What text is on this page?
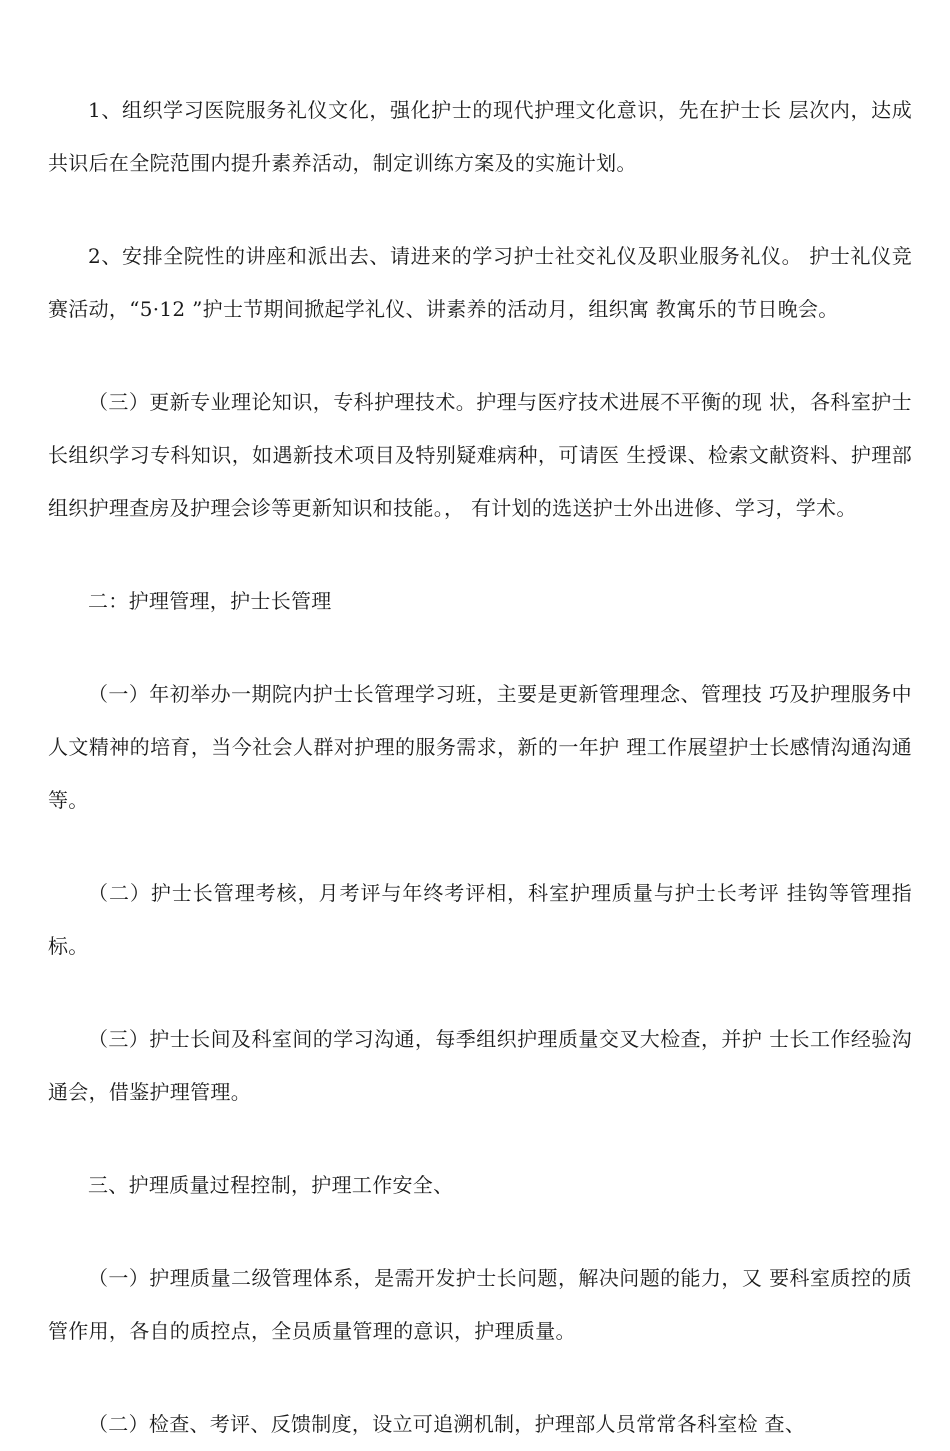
1、组织学习医院服务礼仪文化，强化护士的现代护理文化意识，先在护士长 层次内，达成共识后在全院范围内提升素养活动，制定训练方案及的实施计划。

2、安排全院性的讲座和派出去、请进来的学习护士社交礼仪及职业服务礼仪。 护士礼仪竞赛活动，“5·12 ”护士节期间掀起学礼仪、讲素养的活动月，组织寓 教寓乐的节日晚会。

（三）更新专业理论知识，专科护理技术。护理与医疗技术进展不平衡的现 状，各科室护士长组织学习专科知识，如遇新技术项目及特别疑难病种，可请医 生授课、检索文献资料、护理部组织护理查房及护理会诊等更新知识和技能。， 有计划的选送护士外出进修、学习，学术。

二：护理管理，护士长管理

（一）年初举办一期院内护士长管理学习班，主要是更新管理理念、管理技 巧及护理服务中人文精神的培育，当今社会人群对护理的服务需求，新的一年护 理工作展望护士长感情沟通沟通等。

（二）护士长管理考核，月考评与年终考评相，科室护理质量与护士长考评 挂钩等管理指标。

（三）护士长间及科室间的学习沟通，每季组织护理质量交叉大检查，并护 士长工作经验沟通会，借鉴护理管理。

三、护理质量过程控制，护理工作安全、

（一）护理质量二级管理体系，是需开发护士长问题，解决问题的能力，又 要科室质控的质管作用，各自的质控点，全员质量管理的意识，护理质量。

（二）检查、考评、反馈制度，设立可追溯机制，护理部人员常常各科室检 查、
